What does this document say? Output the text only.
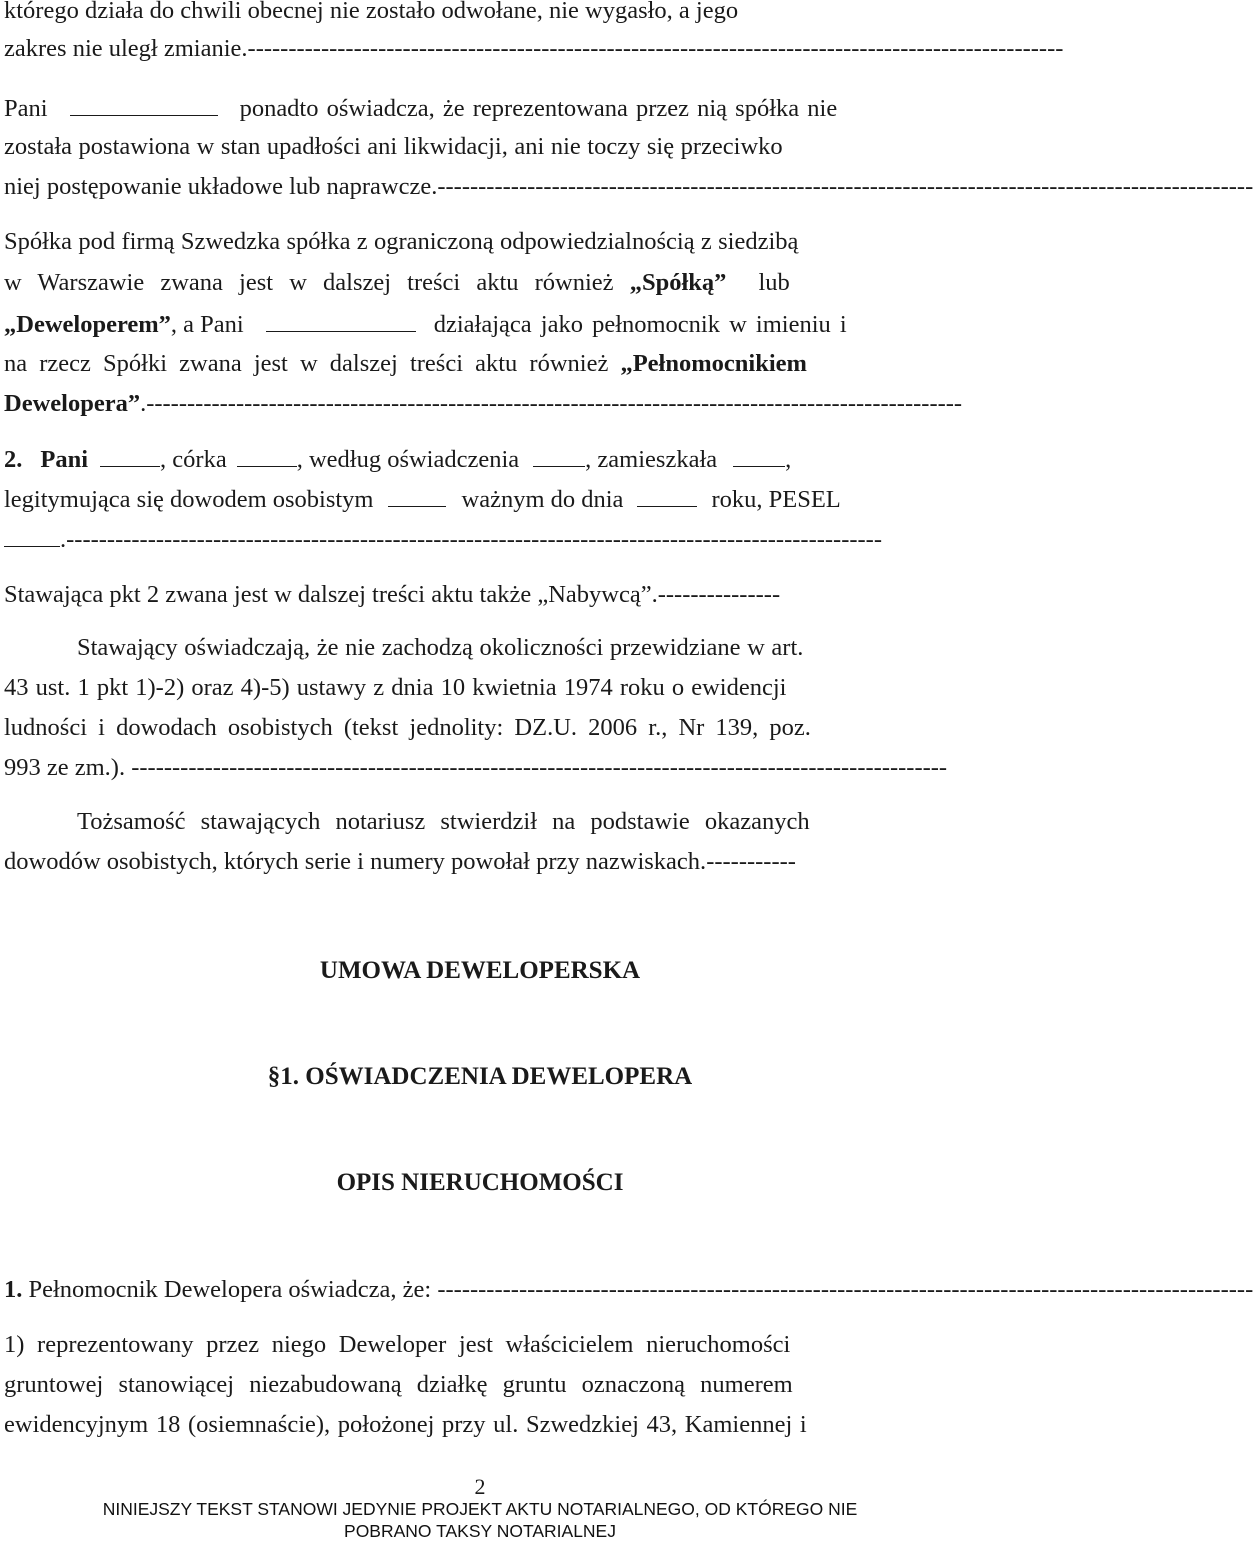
którego działa do chwili obecnej nie zostało odwołane, nie wygasło, a jego
zakres nie uległ zmianie. ----------------------------------------------------------------------------------------------------
Pani	ponadto oświadcza, że reprezentowana przez nią spółka nie
została postawiona w stan upadłości ani likwidacji, ani nie toczy się przeciwko
niej postępowanie układowe lub naprawcze. ----------------------------------------------------------------------------------------------------
Spółka pod firmą Szwedzka spółka z ograniczoną odpowiedzialnością z siedzibą
w Warszawie zwana jest w dalszej treści aktu również „Spółką” lub
„Deweloperem” , a Pani	działająca jako pełnomocnik w imieniu i
na rzecz Spółki zwana jest w dalszej treści aktu również „Pełnomocnikiem
Dewelopera” . ----------------------------------------------------------------------------------------------------
2. Pani	, córka	, według oświadczenia	, zamieszkała	,
legitymująca się dowodem osobistym	ważnym do dnia	roku, PESEL
. ----------------------------------------------------------------------------------------------------
Stawająca pkt 2 zwana jest w dalszej treści aktu także „Nabywcą”.---------------
Stawający oświadczają, że nie zachodzą okoliczności przewidziane w art.
43 ust. 1 pkt 1)-2) oraz 4)-5) ustawy z dnia 10 kwietnia 1974 roku o ewidencji
ludności i dowodach osobistych (tekst jednolity: DZ.U. 2006 r., Nr 139, poz.
993 ze zm.). ----------------------------------------------------------------------------------------------------
Tożsamość stawających notariusz stwierdził na podstawie okazanych
dowodów osobistych, których serie i numery powołał przy nazwiskach.-----------
UMOWA DEWELOPERSKA
§1. OŚWIADCZENIA DEWELOPERA
OPIS NIERUCHOMOŚCI
1. Pełnomocnik Dewelopera oświadcza, że: ----------------------------------------------------------------------------------------------------
1) reprezentowany przez niego Deweloper jest właścicielem nieruchomości
gruntowej stanowiącej niezabudowaną działkę gruntu oznaczoną numerem
ewidencyjnym 18 (osiemnaście), położonej przy ul. Szwedzkiej 43, Kamiennej i
2
NINIEJSZY TEKST STANOWI JEDYNIE PROJEKT AKTU NOTARIALNEGO, OD KTÓREGO NIE
POBRANO TAKSY NOTARIALNEJ
